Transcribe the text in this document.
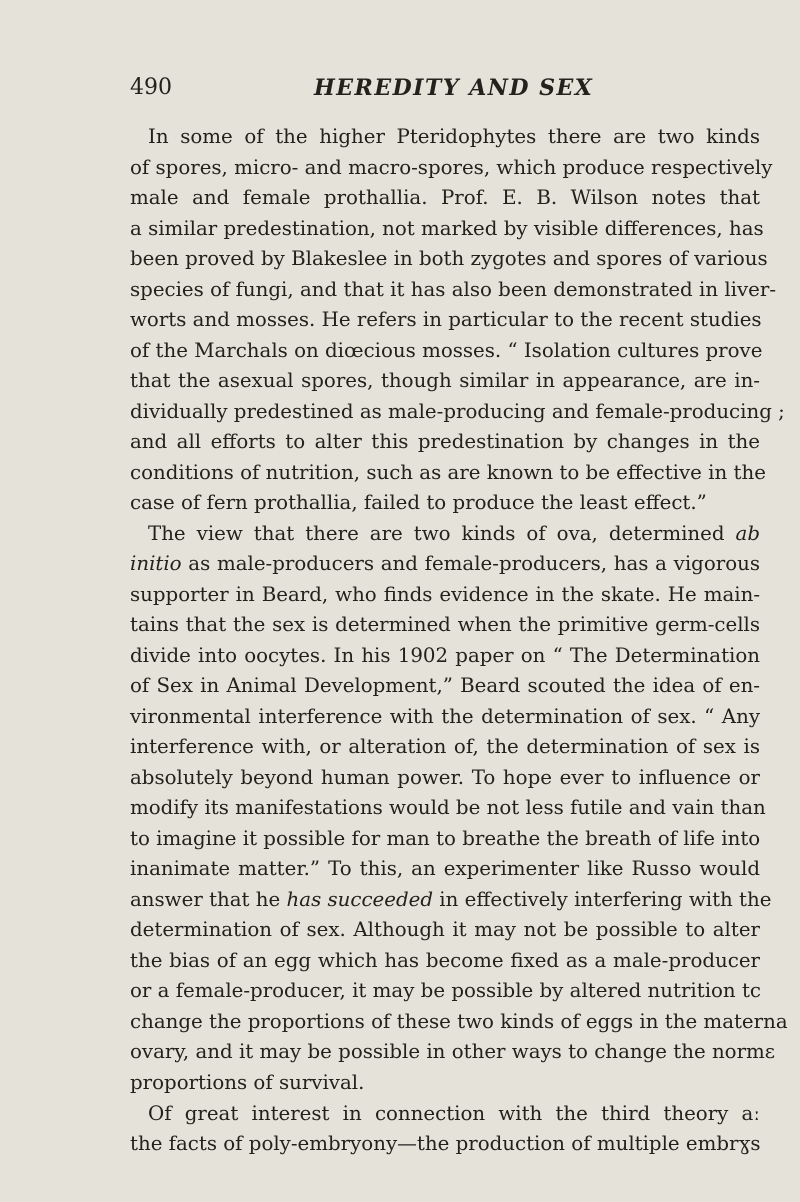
490	HEREDITY AND SEX
In some of the higher Pteridophytes there are two kinds
of spores, micro- and macro-spores, which produce respectively
male and female prothallia. Prof. E. B. Wilson notes that
a similar predestination, not marked by visible differences, has
been proved by Blakeslee in both zygotes and spores of various
species of fungi, and that it has also been demonstrated in liver-
worts and mosses. He refers in particular to the recent studies
of the Marchals on diœcious mosses. “ Isolation cultures prove
that the asexual spores, though similar in appearance, are in-
dividually predestined as male-producing and female-producing ;
and all efforts to alter this predestination by changes in the
conditions of nutrition, such as are known to be effective in the
case of fern prothallia, failed to produce the least effect.”
The view that there are two kinds of ova, determined ab
initio as male-producers and female-producers, has a vigorous
supporter in Beard, who finds evidence in the skate. He main-
tains that the sex is determined when the primitive germ-cells
divide into oocytes. In his 1902 paper on “ The Determination
of Sex in Animal Development,” Beard scouted the idea of en-
vironmental interference with the determination of sex. “ Any
interference with, or alteration of, the determination of sex is
absolutely beyond human power. To hope ever to influence or
modify its manifestations would be not less futile and vain than
to imagine it possible for man to breathe the breath of life into
inanimate matter.” To this, an experimenter like Russo would
answer that he has succeeded in effectively interfering with the
determination of sex. Although it may not be possible to alter
the bias of an egg which has become fixed as a male-producer
or a female-producer, it may be possible by altered nutrition tc
change the proportions of these two kinds of eggs in the materna
ovary, and it may be possible in other ways to change the normɛ
proportions of survival.
Of great interest in connection with the third theory aː
the facts of poly-embryony—the production of multiple embrɣs
